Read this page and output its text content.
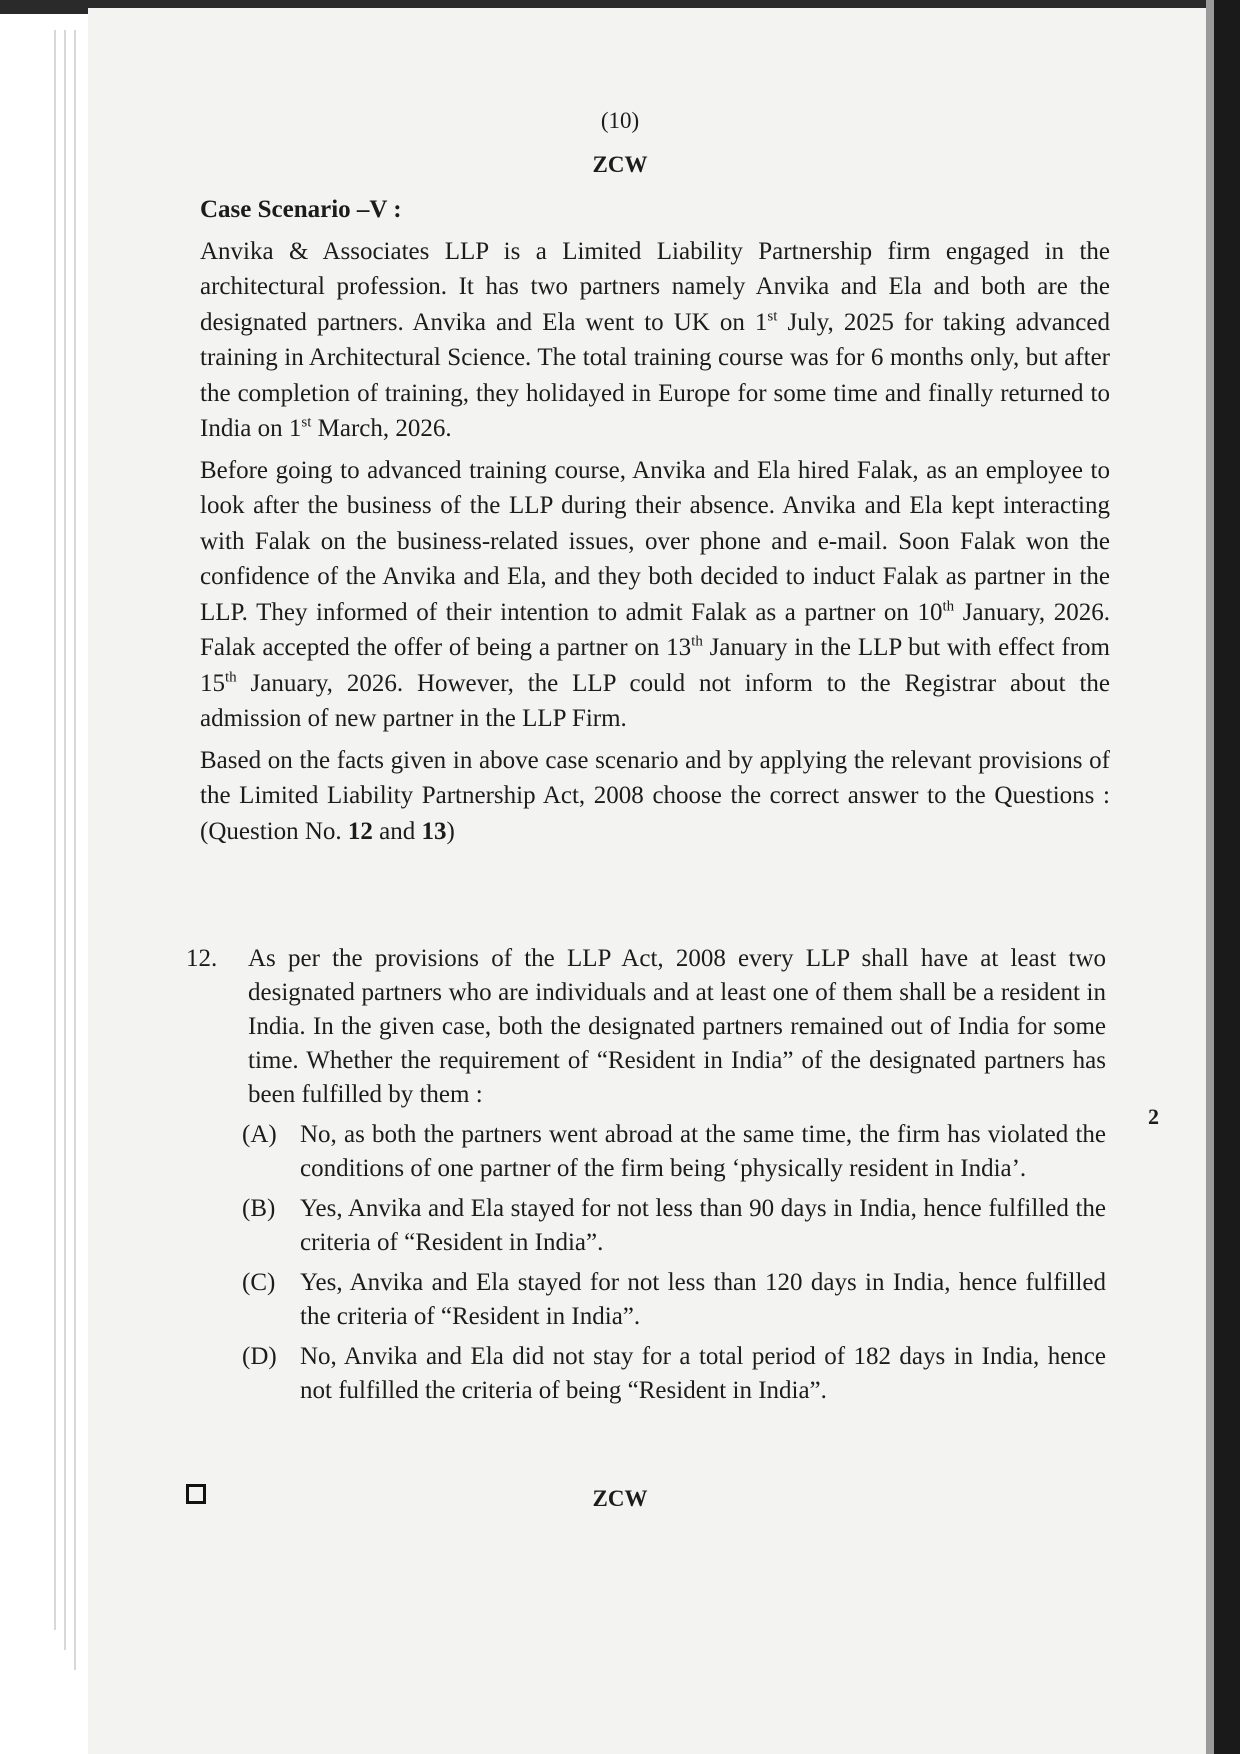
(10)
ZCW
Case Scenario –V :

Anvika & Associates LLP is a Limited Liability Partnership firm engaged in the architectural profession. It has two partners namely Anvika and Ela and both are the designated partners. Anvika and Ela went to UK on 1st July, 2025 for taking advanced training in Architectural Science. The total training course was for 6 months only, but after the completion of training, they holidayed in Europe for some time and finally returned to India on 1st March, 2026.

Before going to advanced training course, Anvika and Ela hired Falak, as an employee to look after the business of the LLP during their absence. Anvika and Ela kept interacting with Falak on the business-related issues, over phone and e-mail. Soon Falak won the confidence of the Anvika and Ela, and they both decided to induct Falak as partner in the LLP. They informed of their intention to admit Falak as a partner on 10th January, 2026. Falak accepted the offer of being a partner on 13th January in the LLP but with effect from 15th January, 2026. However, the LLP could not inform to the Registrar about the admission of new partner in the LLP Firm.

Based on the facts given in above case scenario and by applying the relevant provisions of the Limited Liability Partnership Act, 2008 choose the correct answer to the Questions : (Question No. 12 and 13)

12. As per the provisions of the LLP Act, 2008 every LLP shall have at least two designated partners who are individuals and at least one of them shall be a resident in India. In the given case, both the designated partners remained out of India for some time. Whether the requirement of “Resident in India” of the designated partners has been fulfilled by them :
(A) No, as both the partners went abroad at the same time, the firm has violated the conditions of one partner of the firm being ‘physically resident in India’.
(B) Yes, Anvika and Ela stayed for not less than 90 days in India, hence fulfilled the criteria of “Resident in India”.
(C) Yes, Anvika and Ela stayed for not less than 120 days in India, hence fulfilled the criteria of “Resident in India”.
(D) No, Anvika and Ela did not stay for a total period of 182 days in India, hence not fulfilled the criteria of being “Resident in India”.
2
ZCW
